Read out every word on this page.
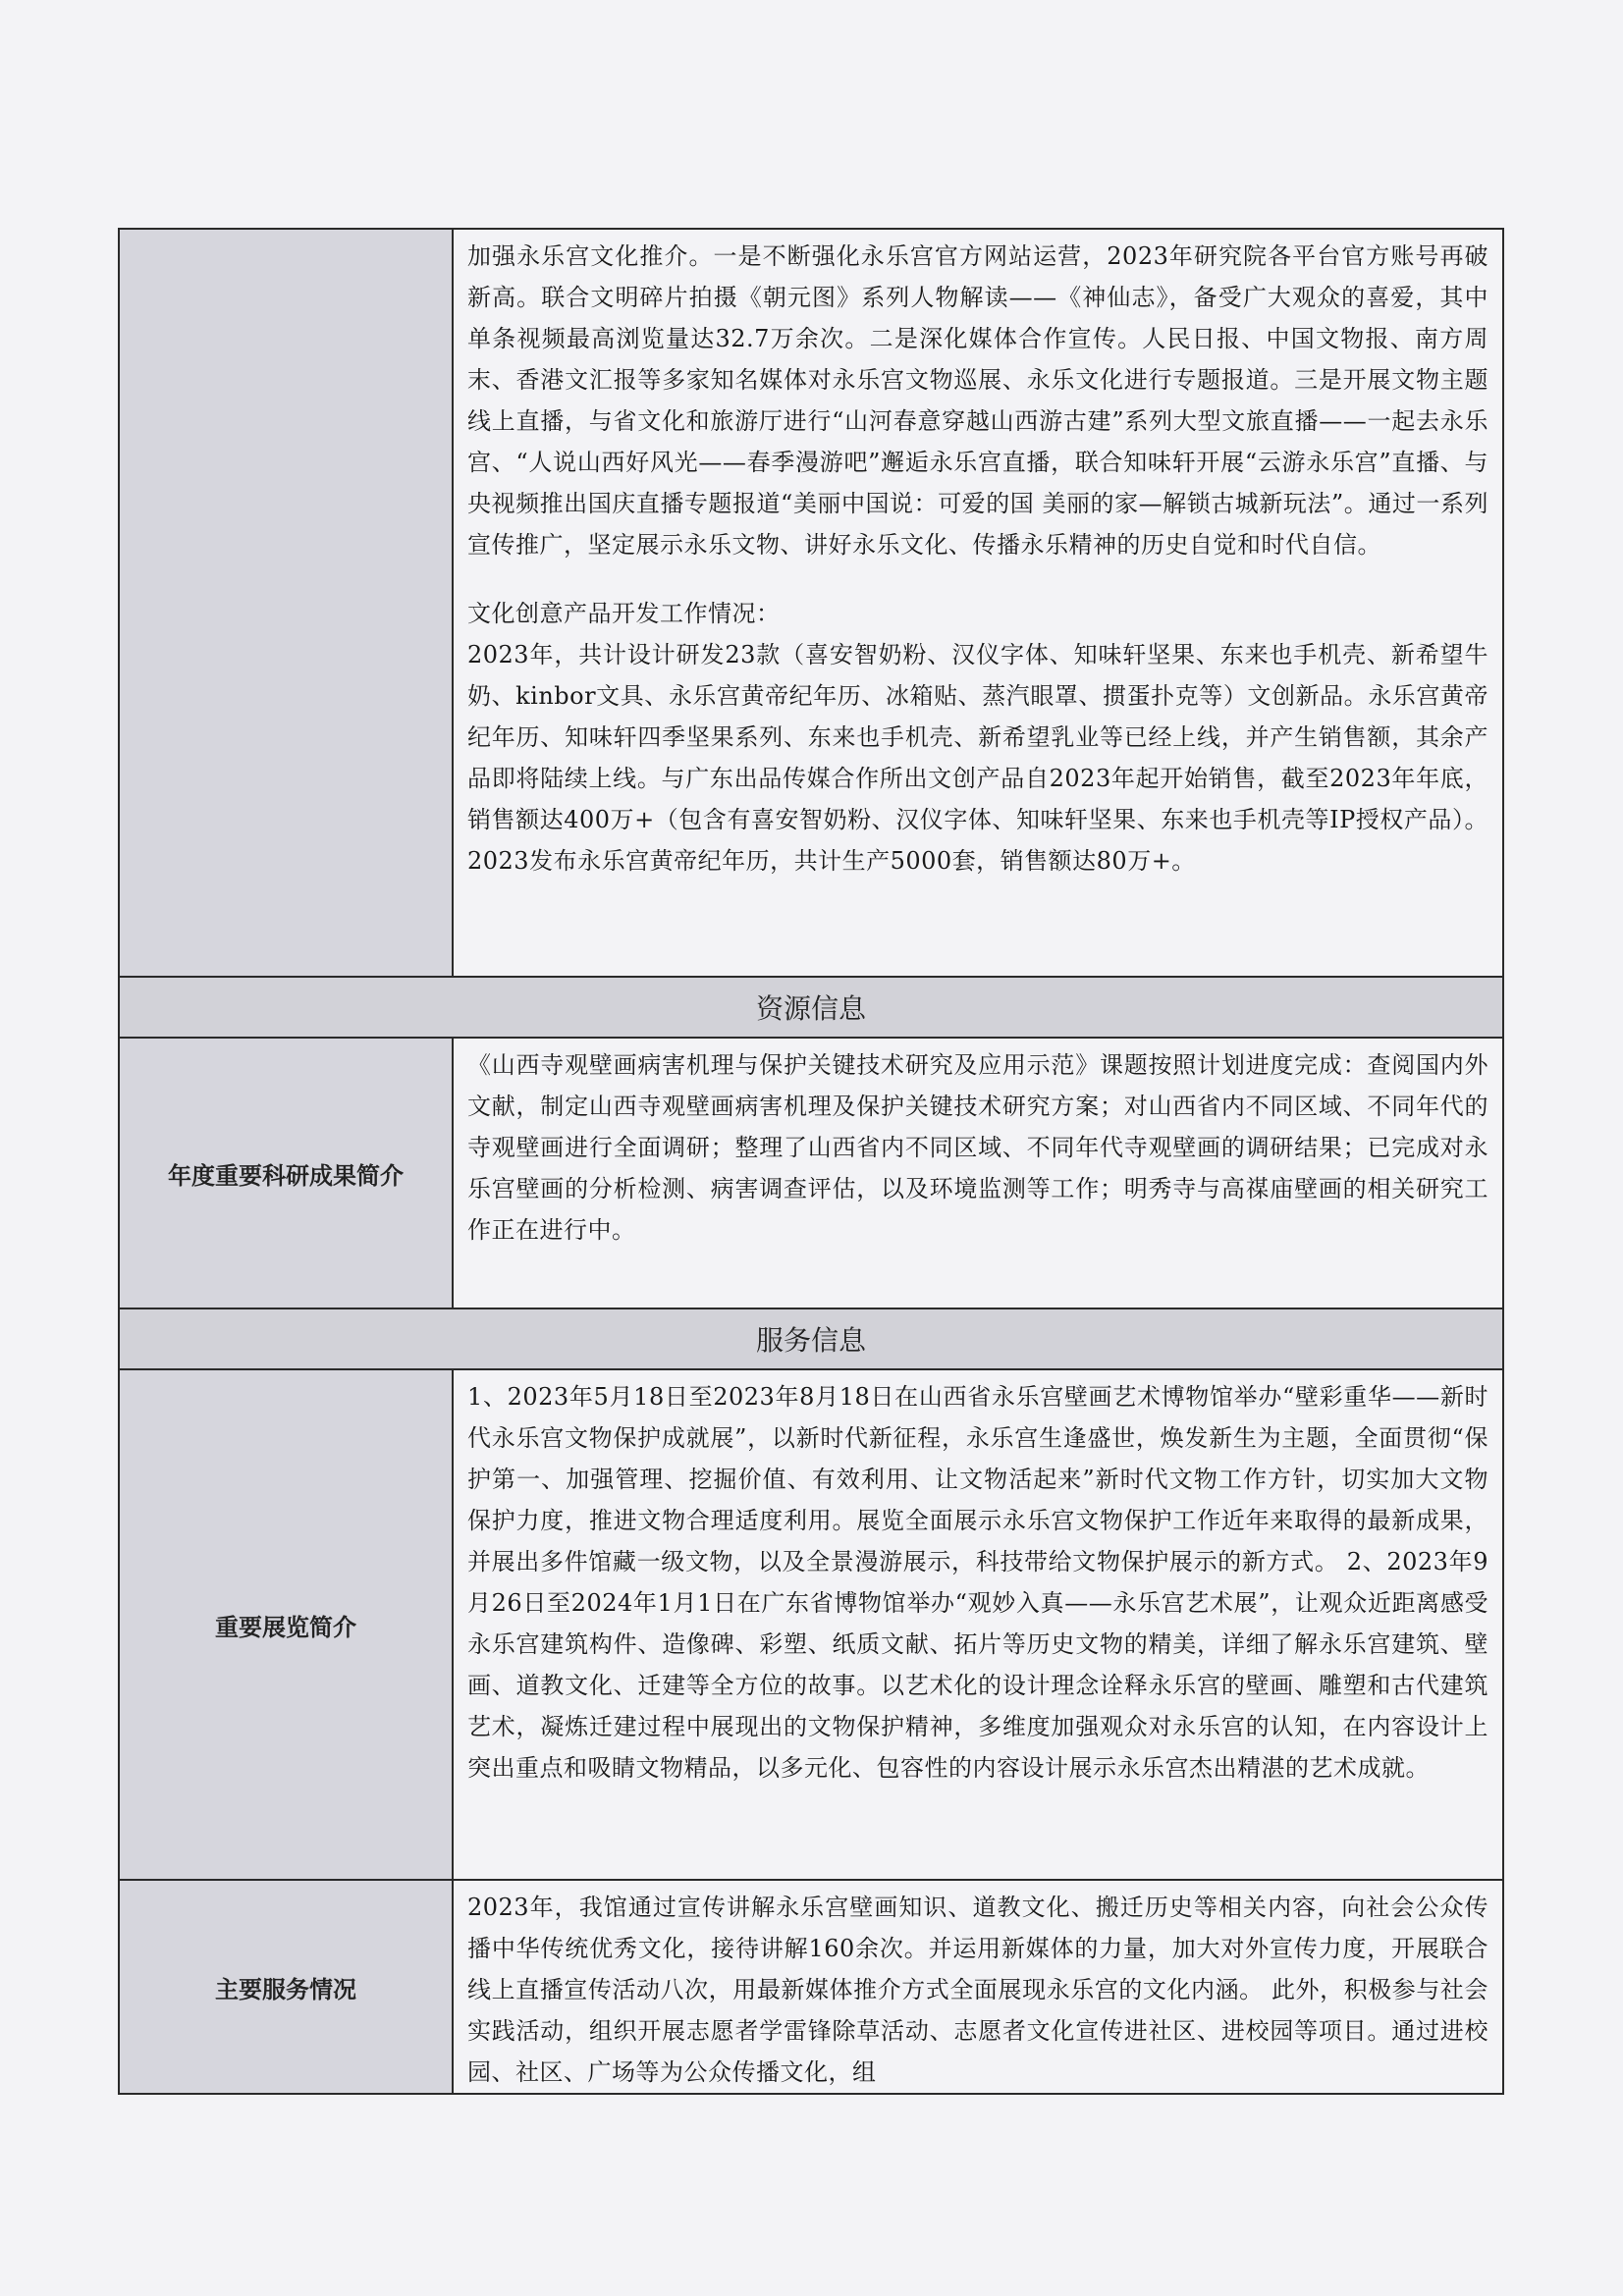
	加强永乐宫文化推介。一是不断强化永乐宫官方网站运营，2023年研究院各平台官方账号再破新高。联合文明碎片拍摄《朝元图》系列人物解读——《神仙志》，备受广大观众的喜爱，其中单条视频最高浏览量达32.7万余次。二是深化媒体合作宣传。人民日报、中国文物报、南方周末、香港文汇报等多家知名媒体对永乐宫文物巡展、永乐文化进行专题报道。三是开展文物主题线上直播，与省文化和旅游厅进行“山河春意穿越山西游古建”系列大型文旅直播——一起去永乐宫、“人说山西好风光——春季漫游吧”邂逅永乐宫直播，联合知味轩开展“云游永乐宫”直播、与央视频推出国庆直播专题报道“美丽中国说：可爱的国 美丽的家—解锁古城新玩法”。通过一系列宣传推广，坚定展示永乐文物、讲好永乐文化、传播永乐精神的历史自觉和时代自信。
文化创意产品开发工作情况：
2023年，共计设计研发23款（喜安智奶粉、汉仪字体、知味轩坚果、东来也手机壳、新希望牛奶、kinbor文具、永乐宫黄帝纪年历、冰箱贴、蒸汽眼罩、掼蛋扑克等）文创新品。永乐宫黄帝纪年历、知味轩四季坚果系列、东来也手机壳、新希望乳业等已经上线，并产生销售额，其余产品即将陆续上线。与广东出品传媒合作所出文创产品自2023年起开始销售，截至2023年年底，销售额达400万+（包含有喜安智奶粉、汉仪字体、知味轩坚果、东来也手机壳等IP授权产品）。2023发布永乐宫黄帝纪年历，共计生产5000套，销售额达80万+。

资源信息	
年度重要科研成果简介	《山西寺观壁画病害机理与保护关键技术研究及应用示范》课题按照计划进度完成：查阅国内外文献，制定山西寺观壁画病害机理及保护关键技术研究方案；对山西省内不同区域、不同年代的寺观壁画进行全面调研；整理了山西省内不同区域、不同年代寺观壁画的调研结果；已完成对永乐宫壁画的分析检测、病害调查评估，以及环境监测等工作；明秀寺与高禖庙壁画的相关研究工作正在进行中。

服务信息	
重要展览简介	1、2023年5月18日至2023年8月18日在山西省永乐宫壁画艺术博物馆举办“壁彩重华——新时代永乐宫文物保护成就展”，以新时代新征程，永乐宫生逢盛世，焕发新生为主题，全面贯彻“保护第一、加强管理、挖掘价值、有效利用、让文物活起来”新时代文物工作方针，切实加大文物保护力度，推进文物合理适度利用。展览全面展示永乐宫文物保护工作近年来取得的最新成果，并展出多件馆藏一级文物，以及全景漫游展示，科技带给文物保护展示的新方式。 2、2023年9月26日至2024年1月1日在广东省博物馆举办“观妙入真——永乐宫艺术展”，让观众近距离感受永乐宫建筑构件、造像碑、彩塑、纸质文献、拓片等历史文物的精美，详细了解永乐宫建筑、壁画、道教文化、迁建等全方位的故事。以艺术化的设计理念诠释永乐宫的壁画、雕塑和古代建筑艺术，凝炼迁建过程中展现出的文物保护精神，多维度加强观众对永乐宫的认知，在内容设计上突出重点和吸睛文物精品，以多元化、包容性的内容设计展示永乐宫杰出精湛的艺术成就。

主要服务情况	2023年，我馆通过宣传讲解永乐宫壁画知识、道教文化、搬迁历史等相关内容，向社会公众传播中华传统优秀文化，接待讲解160余次。并运用新媒体的力量，加大对外宣传力度，开展联合线上直播宣传活动八次，用最新媒体推介方式全面展现永乐宫的文化内涵。 此外，积极参与社会实践活动，组织开展志愿者学雷锋除草活动、志愿者文化宣传进社区、进校园等项目。通过进校园、社区、广场等为公众传播文化，组
